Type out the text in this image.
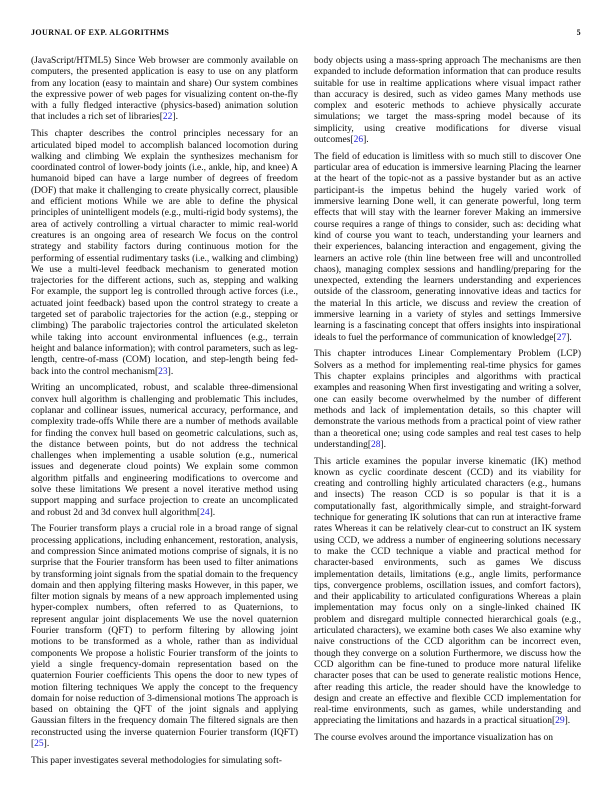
JOURNAL OF EXP. ALGORITHMS	5

(JavaScript/HTML5) Since Web browser are commonly available on computers, the presented application is easy to use on any platform from any location (easy to maintain and share) Our system combines the expressive power of web pages for visualizing content on-the-fly with a fully fledged interactive (physics-based) animation solution that includes a rich set of libraries[22].

This chapter describes the control principles necessary for an articulated biped model to accomplish balanced locomotion during walking and climbing We explain the synthesizes mechanism for coordinated control of lower-body joints (i.e., ankle, hip, and knee) A humanoid biped can have a large number of degrees of freedom (DOF) that make it challenging to create physically correct, plausible and efficient motions While we are able to define the physical principles of unintelligent models (e.g., multi-rigid body systems), the area of actively controlling a virtual character to mimic real-world creatures is an ongoing area of research We focus on the control strategy and stability factors during continuous motion for the performing of essential rudimentary tasks (i.e., walking and climbing) We use a multi-level feedback mechanism to generated motion trajectories for the different actions, such as, stepping and walking For example, the support leg is controlled through active forces (i.e., actuated joint feedback) based upon the control strategy to create a targeted set of parabolic trajectories for the action (e.g., stepping or climbing) The parabolic trajectories control the articulated skeleton while taking into account environmental influences (e.g., terrain height and balance information); with control parameters, such as leg-length, centre-of-mass (COM) location, and step-length being fed-back into the control mechanism[23].

Writing an uncomplicated, robust, and scalable three-dimensional convex hull algorithm is challenging and problematic This includes, coplanar and collinear issues, numerical accuracy, performance, and complexity trade-offs While there are a number of methods available for finding the convex hull based on geometric calculations, such as, the distance between points, but do not address the technical challenges when implementing a usable solution (e.g., numerical issues and degenerate cloud points) We explain some common algorithm pitfalls and engineering modifications to overcome and solve these limitations We present a novel iterative method using support mapping and surface projection to create an uncomplicated and robust 2d and 3d convex hull algorithm[24].

The Fourier transform plays a crucial role in a broad range of signal processing applications, including enhancement, restoration, analysis, and compression Since animated motions comprise of signals, it is no surprise that the Fourier transform has been used to filter animations by transforming joint signals from the spatial domain to the frequency domain and then applying filtering masks However, in this paper, we filter motion signals by means of a new approach implemented using hyper-complex numbers, often referred to as Quaternions, to represent angular joint displacements We use the novel quaternion Fourier transform (QFT) to perform filtering by allowing joint motions to be transformed as a whole, rather than as individual components We propose a holistic Fourier transform of the joints to yield a single frequency-domain representation based on the quaternion Fourier coefficients This opens the door to new types of motion filtering techniques We apply the concept to the frequency domain for noise reduction of 3-dimensional motions The approach is based on obtaining the QFT of the joint signals and applying Gaussian filters in the frequency domain The filtered signals are then reconstructed using the inverse quaternion Fourier transform (IQFT)[25].

This paper investigates several methodologies for simulating soft-

body objects using a mass-spring approach The mechanisms are then expanded to include deformation information that can produce results suitable for use in realtime applications where visual impact rather than accuracy is desired, such as video games Many methods use complex and esoteric methods to achieve physically accurate simulations; we target the mass-spring model because of its simplicity, using creative modifications for diverse visual outcomes[26].

The field of education is limitless with so much still to discover One particular area of education is immersive learning Placing the learner at the heart of the topic-not as a passive bystander but as an active participant-is the impetus behind the hugely varied work of immersive learning Done well, it can generate powerful, long term effects that will stay with the learner forever Making an immersive course requires a range of things to consider, such as: deciding what kind of course you want to teach, understanding your learners and their experiences, balancing interaction and engagement, giving the learners an active role (thin line between free will and uncontrolled chaos), managing complex sessions and handling/preparing for the unexpected, extending the learners understanding and experiences outside of the classroom, generating innovative ideas and tactics for the material In this article, we discuss and review the creation of immersive learning in a variety of styles and settings Immersive learning is a fascinating concept that offers insights into inspirational ideals to fuel the performance of communication of knowledge[27].

This chapter introduces Linear Complementary Problem (LCP) Solvers as a method for implementing real-time physics for games This chapter explains principles and algorithms with practical examples and reasoning When first investigating and writing a solver, one can easily become overwhelmed by the number of different methods and lack of implementation details, so this chapter will demonstrate the various methods from a practical point of view rather than a theoretical one; using code samples and real test cases to help understanding[28].

This article examines the popular inverse kinematic (IK) method known as cyclic coordinate descent (CCD) and its viability for creating and controlling highly articulated characters (e.g., humans and insects) The reason CCD is so popular is that it is a computationally fast, algorithmically simple, and straight-forward technique for generating IK solutions that can run at interactive frame rates Whereas it can be relatively clear-cut to construct an IK system using CCD, we address a number of engineering solutions necessary to make the CCD technique a viable and practical method for character-based environments, such as games We discuss implementation details, limitations (e.g., angle limits, performance tips, convergence problems, oscillation issues, and comfort factors), and their applicability to articulated configurations Whereas a plain implementation may focus only on a single-linked chained IK problem and disregard multiple connected hierarchical goals (e.g., articulated characters), we examine both cases We also examine why naive constructions of the CCD algorithm can be incorrect even, though they converge on a solution Furthermore, we discuss how the CCD algorithm can be fine-tuned to produce more natural lifelike character poses that can be used to generate realistic motions Hence, after reading this article, the reader should have the knowledge to design and create an effective and flexible CCD implementation for real-time environments, such as games, while understanding and appreciating the limitations and hazards in a practical situation[29].

The course evolves around the importance visualization has on
